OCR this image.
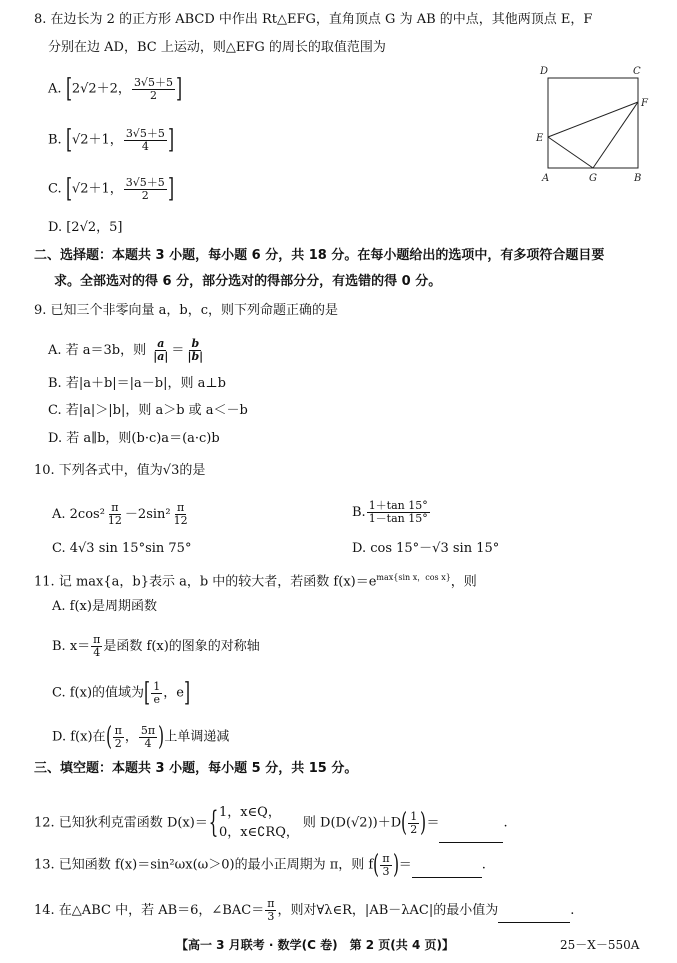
8. 在边长为 2 的正方形 ABCD 中作出 Rt△EFG，直角顶点 G 为 AB 的中点，其他两顶点 E，F
分别在边 AD，BC 上运动，则△EFG 的周长的取值范围为
A. [2√2＋2， $\frac{3√5+5}{2}$ ]
B. [√2＋1， $\frac{3√5+5}{4}$ ]
C. [√2＋1， $\frac{3√5+5}{2}$ ]
D. [2√2，5]
D	C
F
E
A	G	B
二、选择题：本题共 3 小题，每小题 6 分，共 18 分。在每小题给出的选项中，有多项符合题目要
求。全部选对的得 6 分，部分选对的得部分分，有选错的得 0 分。
9. 已知三个非零向量 a，b，c，则下列命题正确的是
A. 若 a＝3b，则 $\frac{a}{|a|} = \frac{b}{|b|}$
B. 若|a＋b|＝|a－b|，则 a⊥b
C. 若|a|＞|b|，则 a＞b 或 a＜－b
D. 若 a∥b，则(b·c)a＝(a·c)b
10. 下列各式中，值为√3的是
A. $2\cos^2 \frac{\pi}{12} -2\sin^2 \frac{\pi}{12}$	B. $\frac{1+\tan 15^\circ}{1-\tan 15^\circ}$
C. 4√3 sin 15°sin 75°	D. cos 15°－√3 sin 15°
11. 记 max{a，b}表示 a，b 中的较大者，若函数 $f(x)=e^{max\{sin x,cos x\}}$，则
A. f(x)是周期函数
B. $x= \frac{\pi}{4}$ 是函数 f(x)的图象的对称轴
C. f(x)的值域为[ $\frac{1}{e}$ ，e]
D. f(x)在( $\frac{\pi}{2}$ ， $\frac{5\pi}{4}$ )上单调递减
三、填空题：本题共 3 小题，每小题 5 分，共 15 分。
12. 已知狄利克雷函数 D(x)＝{ 1，x∈Q，
0，x∈∁RQ，
则 $D(D(√2))+D( \frac{1}{2}$ )＝	.
13. 已知函数 f(x)＝sin²ωx(ω＞0)的最小正周期为 π，则 $f( \frac{\pi}{3}$ )＝	.
14. 在△ABC 中，若 AB＝6，∠BAC＝ $\frac{\pi}{3}$ ，则对∀λ∈R，|AB－λAC|的最小值为	.
【高一 3 月联考 · 数学(C 卷)　第 2 页(共 4 页)】	25－X－550A
